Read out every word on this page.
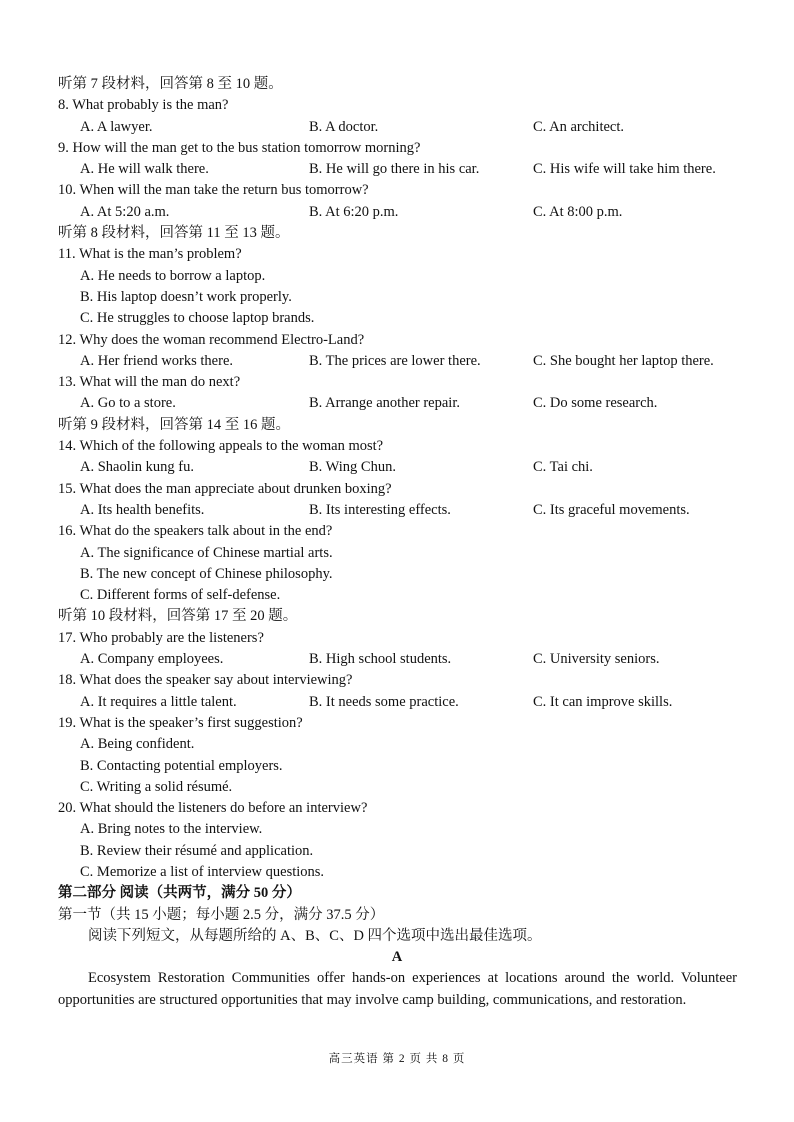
听第 7 段材料，回答第 8 至 10 题。
8. What probably is the man?
A. A lawyer.	B. A doctor.	C. An architect.
9. How will the man get to the bus station tomorrow morning?
A. He will walk there.	B. He will go there in his car.	C. His wife will take him there.
10. When will the man take the return bus tomorrow?
A. At 5:20 a.m.	B. At 6:20 p.m.	C. At 8:00 p.m.
听第 8 段材料，回答第 11 至 13 题。
11. What is the man’s problem?
A. He needs to borrow a laptop.
B. His laptop doesn’t work properly.
C. He struggles to choose laptop brands.
12. Why does the woman recommend Electro-Land?
A. Her friend works there.	B. The prices are lower there.	C. She bought her laptop there.
13. What will the man do next?
A. Go to a store.	B. Arrange another repair.	C. Do some research.
听第 9 段材料，回答第 14 至 16 题。
14. Which of the following appeals to the woman most?
A. Shaolin kung fu.	B. Wing Chun.	C. Tai chi.
15. What does the man appreciate about drunken boxing?
A. Its health benefits.	B. Its interesting effects.	C. Its graceful movements.
16. What do the speakers talk about in the end?
A. The significance of Chinese martial arts.
B. The new concept of Chinese philosophy.
C. Different forms of self-defense.
听第 10 段材料，回答第 17 至 20 题。
17. Who probably are the listeners?
A. Company employees.	B. High school students.	C. University seniors.
18. What does the speaker say about interviewing?
A. It requires a little talent.	B. It needs some practice.	C. It can improve skills.
19. What is the speaker’s first suggestion?
A. Being confident.
B. Contacting potential employers.
C. Writing a solid résumé.
20. What should the listeners do before an interview?
A. Bring notes to the interview.
B. Review their résumé and application.
C. Memorize a list of interview questions.
第二部分 阅读（共两节，满分 50 分）
第一节（共 15 小题；每小题 2.5 分，满分 37.5 分）
阅读下列短文，从每题所给的 A、B、C、D 四个选项中选出最佳选项。
A
Ecosystem Restoration Communities offer hands-on experiences at locations around the world. Volunteer opportunities are structured opportunities that may involve camp building, communications, and restoration.
高三英语 第 2 页 共 8 页
